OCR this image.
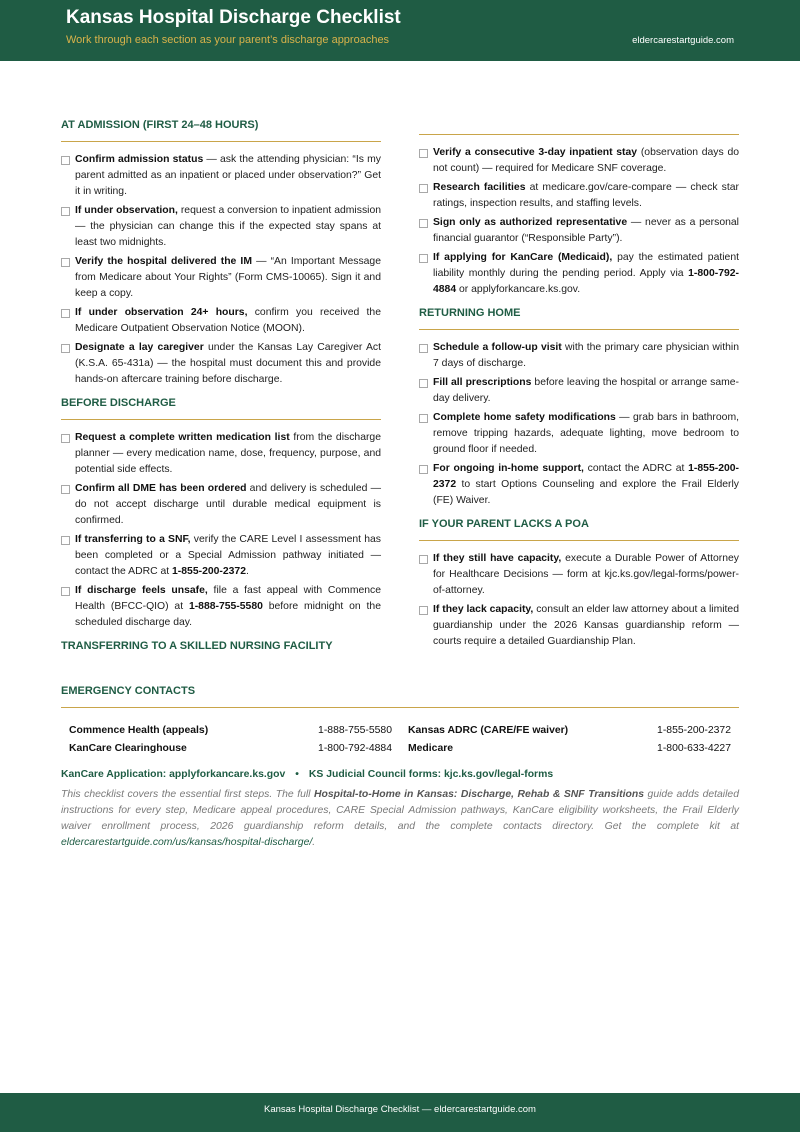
Kansas Hospital Discharge Checklist
Work through each section as your parent’s discharge approaches	eldercarestartguide.com
AT ADMISSION (FIRST 24–48 HOURS)
Confirm admission status — ask the attending physician: “Is my parent admitted as an inpatient or placed under observation?” Get it in writing.
If under observation, request a conversion to inpatient admission — the physician can change this if the expected stay spans at least two midnights.
Verify the hospital delivered the IM — “An Important Message from Medicare about Your Rights” (Form CMS-10065). Sign it and keep a copy.
If under observation 24+ hours, confirm you received the Medicare Outpatient Observation Notice (MOON).
Designate a lay caregiver under the Kansas Lay Caregiver Act (K.S.A. 65-431a) — the hospital must document this and provide hands-on aftercare training before discharge.
BEFORE DISCHARGE
Request a complete written medication list from the discharge planner — every medication name, dose, frequency, purpose, and potential side effects.
Confirm all DME has been ordered and delivery is scheduled — do not accept discharge until durable medical equipment is confirmed.
If transferring to a SNF, verify the CARE Level I assessment has been completed or a Special Admission pathway initiated — contact the ADRC at 1-855-200-2372.
If discharge feels unsafe, file a fast appeal with Commence Health (BFCC-QIO) at 1-888-755-5580 before midnight on the scheduled discharge day.
TRANSFERRING TO A SKILLED NURSING FACILITY
Verify a consecutive 3-day inpatient stay (observation days do not count) — required for Medicare SNF coverage.
Research facilities at medicare.gov/care-compare — check star ratings, inspection results, and staffing levels.
Sign only as authorized representative — never as a personal financial guarantor (“Responsible Party”).
If applying for KanCare (Medicaid), pay the estimated patient liability monthly during the pending period. Apply via 1-800-792-4884 or applyforkancare.ks.gov.
RETURNING HOME
Schedule a follow-up visit with the primary care physician within 7 days of discharge.
Fill all prescriptions before leaving the hospital or arrange same-day delivery.
Complete home safety modifications — grab bars in bathroom, remove tripping hazards, adequate lighting, move bedroom to ground floor if needed.
For ongoing in-home support, contact the ADRC at 1-855-200-2372 to start Options Counseling and explore the Frail Elderly (FE) Waiver.
IF YOUR PARENT LACKS A POA
If they still have capacity, execute a Durable Power of Attorney for Healthcare Decisions — form at kjc.ks.gov/legal-forms/power-of-attorney.
If they lack capacity, consult an elder law attorney about a limited guardianship under the 2026 Kansas guardianship reform — courts require a detailed Guardianship Plan.
EMERGENCY CONTACTS
Commence Health (appeals)	1-888-755-5580	Kansas ADRC (CARE/FE waiver)	1-855-200-2372
KanCare Clearinghouse	1-800-792-4884	Medicare	1-800-633-4227
KanCare Application: applyforkancare.ks.gov • KS Judicial Council forms: kjc.ks.gov/legal-forms
This checklist covers the essential first steps. The full Hospital-to-Home in Kansas: Discharge, Rehab & SNF Transitions guide adds detailed instructions for every step, Medicare appeal procedures, CARE Special Admission pathways, KanCare eligibility worksheets, the Frail Elderly waiver enrollment process, 2026 guardianship reform details, and the complete contacts directory. Get the complete kit at eldercarestartguide.com/us/kansas/hospital-discharge/.
Kansas Hospital Discharge Checklist — eldercarestartguide.com
